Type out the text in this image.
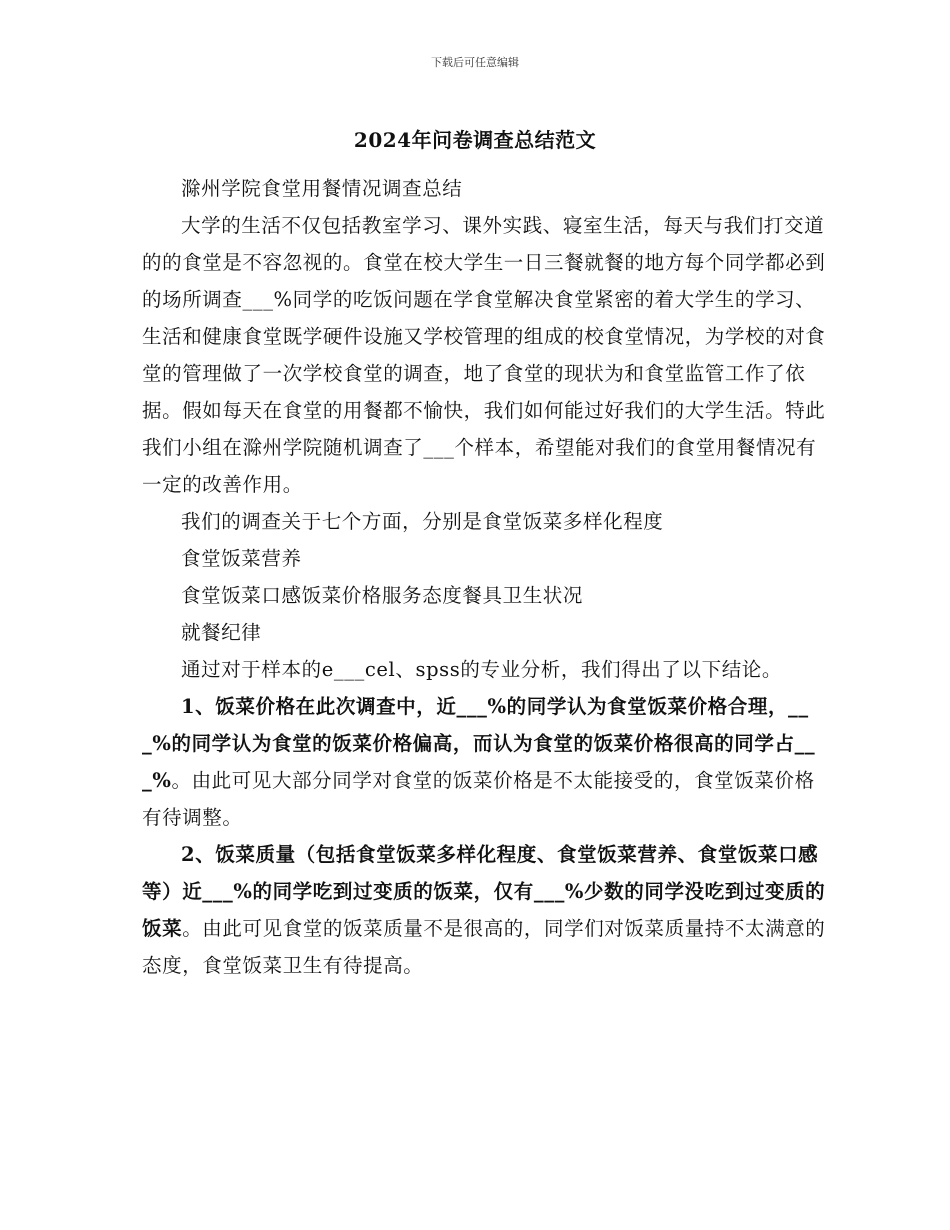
下载后可任意编辑
2024年问卷调查总结范文

滁州学院食堂用餐情况调查总结

大学的生活不仅包括教室学习、课外实践、寝室生活，每天与我们打交道的的食堂是不容忽视的。食堂在校大学生一日三餐就餐的地方每个同学都必到的场所调查___%同学的吃饭问题在学食堂解决食堂紧密的着大学生的学习、生活和健康食堂既学硬件设施又学校管理的组成的校食堂情况，为学校的对食堂的管理做了一次学校食堂的调查，地了食堂的现状为和食堂监管工作了依据。假如每天在食堂的用餐都不愉快，我们如何能过好我们的大学生活。特此我们小组在滁州学院随机调查了___个样本，希望能对我们的食堂用餐情况有一定的改善作用。

我们的调查关于七个方面，分别是食堂饭菜多样化程度

食堂饭菜营养

食堂饭菜口感饭菜价格服务态度餐具卫生状况

就餐纪律

通过对于样本的e___cel、spss的专业分析，我们得出了以下结论。

1、饭菜价格在此次调查中，近___%的同学认为食堂饭菜价格合理，___%的同学认为食堂的饭菜价格偏高，而认为食堂的饭菜价格很高的同学占___%。由此可见大部分同学对食堂的饭菜价格是不太能接受的，食堂饭菜价格有待调整。

2、饭菜质量（包括食堂饭菜多样化程度、食堂饭菜营养、食堂饭菜口感等）近___%的同学吃到过变质的饭菜，仅有___%少数的同学没吃到过变质的饭菜。由此可见食堂的饭菜质量不是很高的，同学们对饭菜质量持不太满意的态度，食堂饭菜卫生有待提高。
